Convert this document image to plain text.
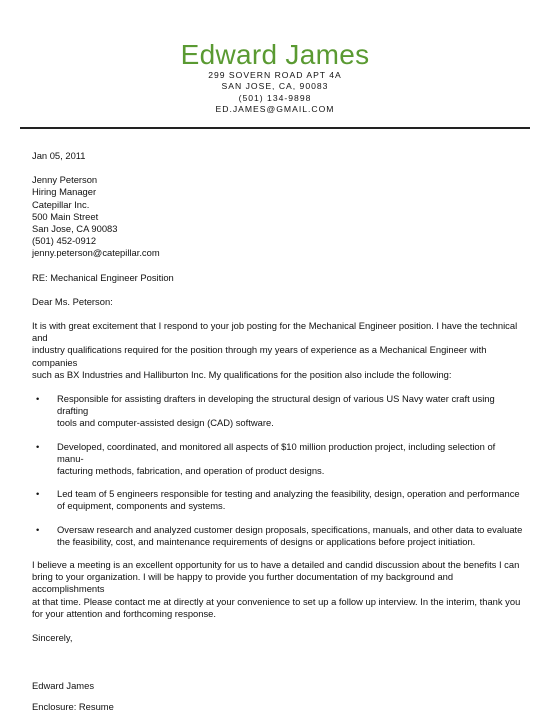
Edward James
299 SOVERN ROAD APT 4A
SAN JOSE, CA, 90083
(501) 134-9898
ED.JAMES@GMAIL.COM

Jan 05, 2011

Jenny Peterson

Hiring Manager

Catepillar Inc.

500 Main Street

San Jose, CA 90083

(501) 452-0912

jenny.peterson@catepillar.com

RE: Mechanical Engineer Position

Dear Ms. Peterson:

It is with great excitement that I respond to your job posting for the Mechanical Engineer position. I have the technical and

industry qualifications required for the position through my years of experience as a Mechanical Engineer with companies

such as BX Industries and Halliburton Inc. My qualifications for the position also include the following:

• Responsible for assisting drafters in developing the structural design of various US Navy water craft using drafting
tools and computer-assisted design (CAD) software.
• Developed, coordinated, and monitored all aspects of $10 million production project, including selection of manu-
facturing methods, fabrication, and operation of product designs.
• Led team of 5 engineers responsible for testing and analyzing the feasibility, design, operation and performance
of equipment, components and systems.
• Oversaw research and analyzed customer design proposals, specifications, manuals, and other data to evaluate
the feasibility, cost, and maintenance requirements of designs or applications before project initiation.

I believe a meeting is an excellent opportunity for us to have a detailed and candid discussion about the benefits I can

bring to your organization. I will be happy to provide you further documentation of my background and accomplishments

at that time. Please contact me at directly at your convenience to set up a follow up interview. In the interim, thank you

for your attention and forthcoming response.

Sincerely,

Edward James

Enclosure: Resume
